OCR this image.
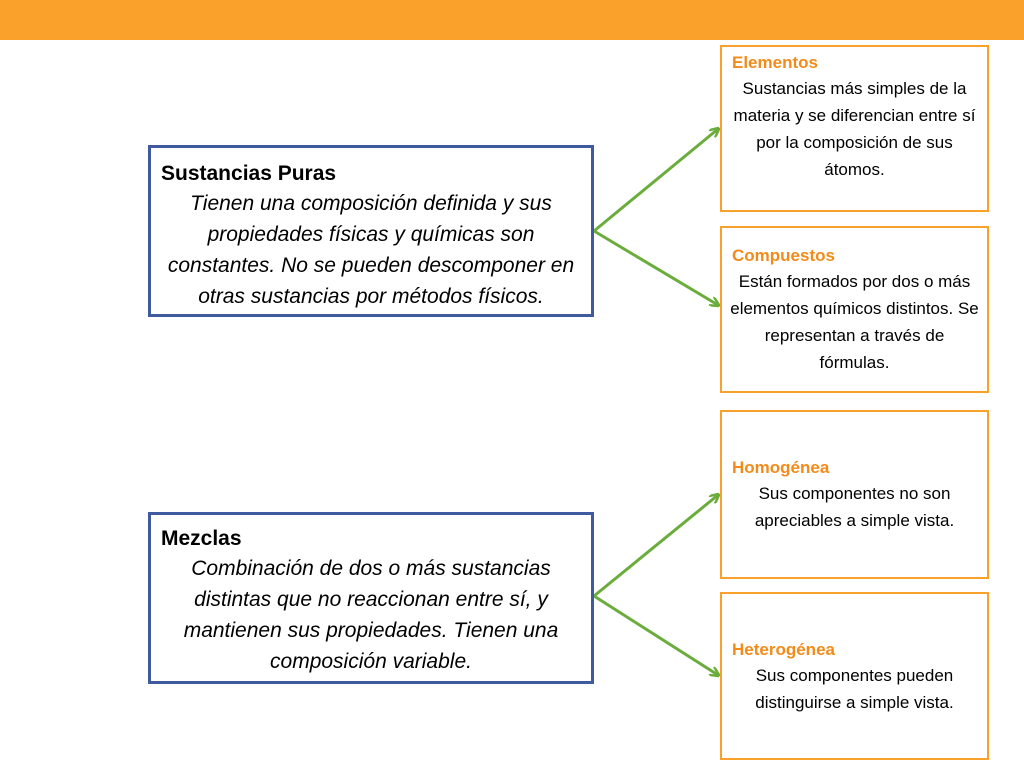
Sustancias Puras
Tienen una composición definida y sus propiedades físicas y químicas son constantes. No se pueden descomponer en otras sustancias por métodos físicos.
Mezclas
Combinación de dos o más sustancias distintas que no reaccionan entre sí, y mantienen sus propiedades. Tienen una composición variable.
Elementos
Sustancias más simples de la materia y se diferencian entre sí por la composición de sus átomos.
Compuestos
Están formados por dos o más elementos químicos distintos. Se representan a través de fórmulas.
Homogénea
Sus componentes no son apreciables a simple vista.
Heterogénea
Sus componentes pueden distinguirse a simple vista.
